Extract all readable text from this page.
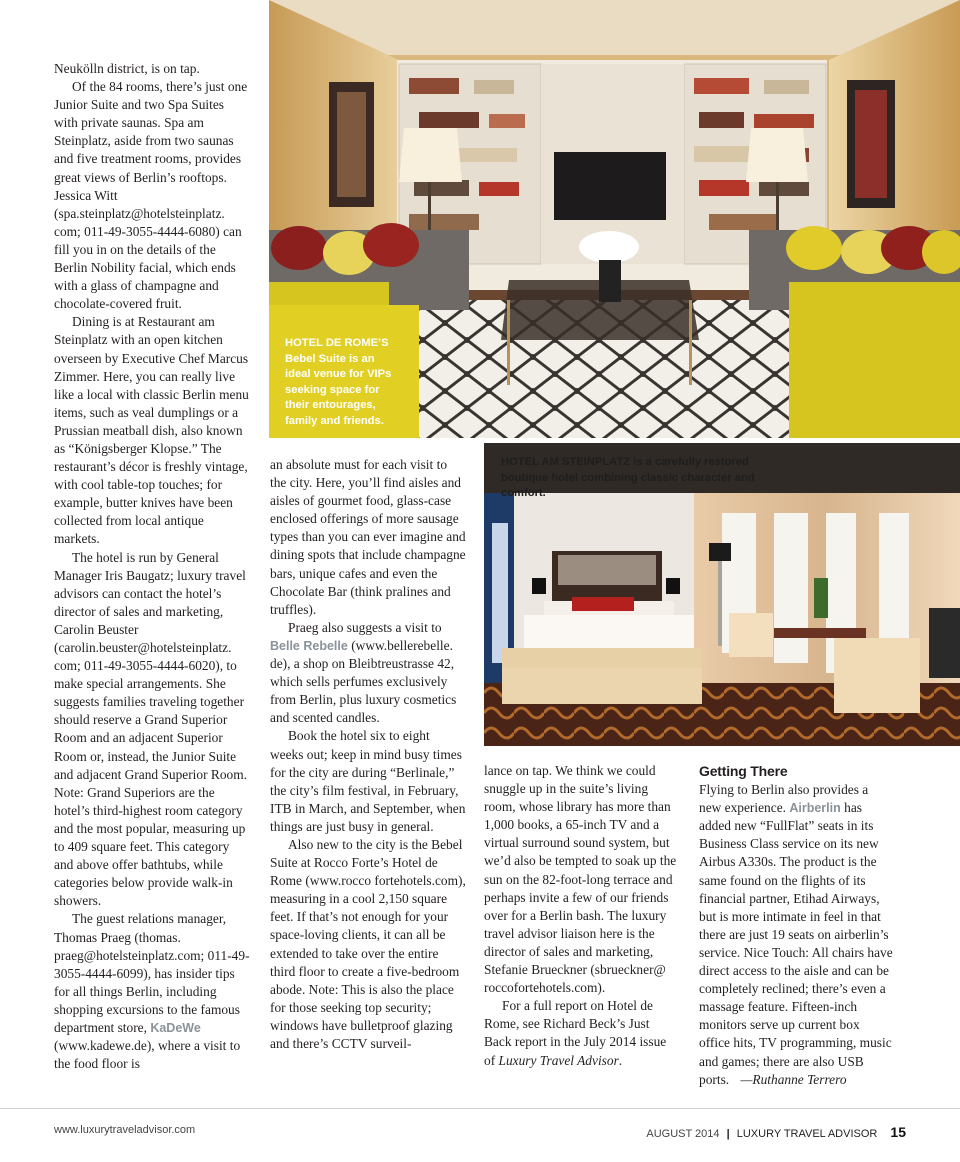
HOTEL DE ROME’S Bebel Suite is an ideal venue for VIPs seeking space for their entourages, family and friends.
HOTEL AM STEINPLATZ is a carefully restored boutique hotel combining classic character and comfort.

Neukölln district, is on tap.

Of the 84 rooms, there’s just one Junior Suite and two Spa Suites with private saunas. Spa am Steinplatz, aside from two saunas and five treatment rooms, provides great views of Berlin’s rooftops. Jessica Witt (spa.steinplatz@hotelsteinplatz. com; 011-49-3055-4444-6080) can fill you in on the details of the Berlin Nobility facial, which ends with a glass of champagne and chocolate-covered fruit.

Dining is at Restaurant am Steinplatz with an open kitchen overseen by Executive Chef Marcus Zimmer. Here, you can really live like a local with classic Berlin menu items, such as veal dumplings or a Prussian meatball dish, also known as “Königsberger Klopse.” The restaurant’s décor is freshly vintage, with cool table-top touches; for example, butter knives have been collected from local antique markets.

The hotel is run by General Manager Iris Baugatz; luxury travel advisors can contact the hotel’s director of sales and marketing, Carolin Beuster (carolin.beuster@hotelsteinplatz. com; 011-49-3055-4444-6020), to make special arrangements. She suggests families traveling together should reserve a Grand Superior Room and an adjacent Superior Room or, instead, the Junior Suite and adjacent Grand Superior Room. Note: Grand Superiors are the hotel’s third-highest room category and the most popular, measuring up to 409 square feet. This category and above offer bathtubs, while categories below provide walk-in showers.

The guest relations manager, Thomas Praeg (thomas. praeg@hotelsteinplatz.com; 011-49-3055-4444-6099), has insider tips for all things Berlin, including shopping excursions to the famous department store, KaDeWe (www.kadewe.de), where a visit to the food floor is

an absolute must for each visit to the city. Here, you’ll find aisles and aisles of gourmet food, glass-case enclosed offerings of more sausage types than you can ever imagine and dining spots that include champagne bars, unique cafes and even the Chocolate Bar (think pralines and truffles).

Praeg also suggests a visit to Belle Rebelle (www.bellerebelle. de), a shop on Bleibtreustrasse 42, which sells perfumes exclusively from Berlin, plus luxury cosmetics and scented candles.

Book the hotel six to eight weeks out; keep in mind busy times for the city are during “Berlinale,” the city’s film festival, in February, ITB in March, and September, when things are just busy in general.

Also new to the city is the Bebel Suite at Rocco Forte’s Hotel de Rome (www.rocco fortehotels.com), measuring in a cool 2,150 square feet. If that’s not enough for your space-loving clients, it can all be extended to take over the entire third floor to create a five-bedroom abode. Note: This is also the place for those seeking top security; windows have bulletproof glazing and there’s CCTV surveil-

lance on tap. We think we could snuggle up in the suite’s living room, whose library has more than 1,000 books, a 65-inch TV and a virtual surround sound system, but we’d also be tempted to soak up the sun on the 82-foot-long terrace and perhaps invite a few of our friends over for a Berlin bash. The luxury travel advisor liaison here is the director of sales and marketing, Stefanie Brueckner (sbrueckner@ roccofortehotels.com).

For a full report on Hotel de Rome, see Richard Beck’s Just Back report in the July 2014 issue of Luxury Travel Advisor.

Getting There

Flying to Berlin also provides a new experience. Airberlin has added new “FullFlat” seats in its Business Class service on its new Airbus A330s. The product is the same found on the flights of its financial partner, Etihad Airways, but is more intimate in feel in that there are just 19 seats on airberlin’s service. Nice Touch: All chairs have direct access to the aisle and can be completely reclined; there’s even a massage feature. Fifteen-inch monitors serve up current box office hits, TV programming, music and games; there are also USB ports. —Ruthanne Terrero

www.luxurytraveladvisor.com	AUGUST 2014 | LUXURY TRAVEL ADVISOR 15
